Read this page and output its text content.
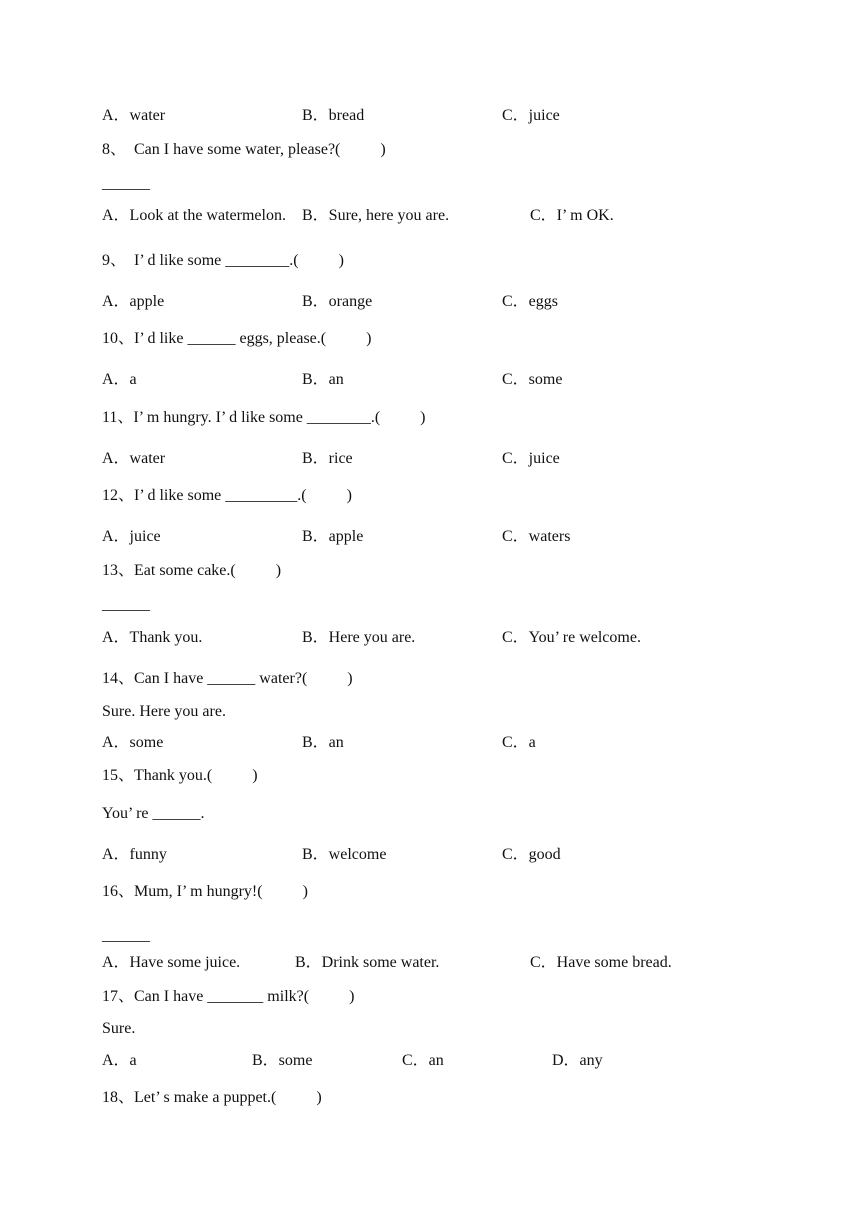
A．water	B．bread	C．juice
8、  Can I have some water, please?(          )
______
A．Look at the watermelon. B．Sure, here you are.	C．I’ m OK.
9、  I’ d like some ________.(          )
A．apple	B．orange	C．eggs
10、I’ d like ______ eggs, please.(          )
A．a	B．an	C．some
11、I’ m hungry. I’ d like some ________.(          )
A．water	B．rice	C．juice
12、I’ d like some _________.(          )
A．juice	B．apple	C．waters
13、Eat some cake.(          )
______
A．Thank you.	B．Here you are.	C．You’ re welcome.
14、Can I have ______ water?(          )
Sure. Here you are.
A．some	B．an	C．a
15、Thank you.(          )
You’ re ______.
A．funny	B．welcome	C．good
16、Mum, I’ m hungry!(          )
______
A．Have some juice.	B．Drink some water.	C．Have some bread.
17、Can I have _______ milk?(          )
Sure.
A．a	B．some	C．an	D．any
18、Let’ s make a puppet.(          )
